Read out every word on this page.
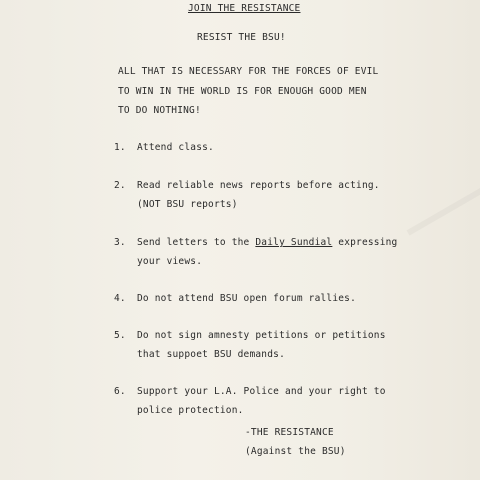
JOIN THE RESISTANCE
RESIST THE BSU!
ALL THAT IS NECESSARY FOR THE FORCES OF EVIL
TO WIN IN THE WORLD IS FOR ENOUGH GOOD MEN
TO DO NOTHING!
1. Attend class.
2. Read reliable news reports before acting.
(NOT BSU reports)
3. Send letters to the Daily Sundial expressing
your views.
4. Do not attend BSU open forum rallies.
5. Do not sign amnesty petitions or petitions
that suppoet BSU demands.
6. Support your L.A. Police and your right to
police protection.
-THE RESISTANCE
(Against the BSU)
